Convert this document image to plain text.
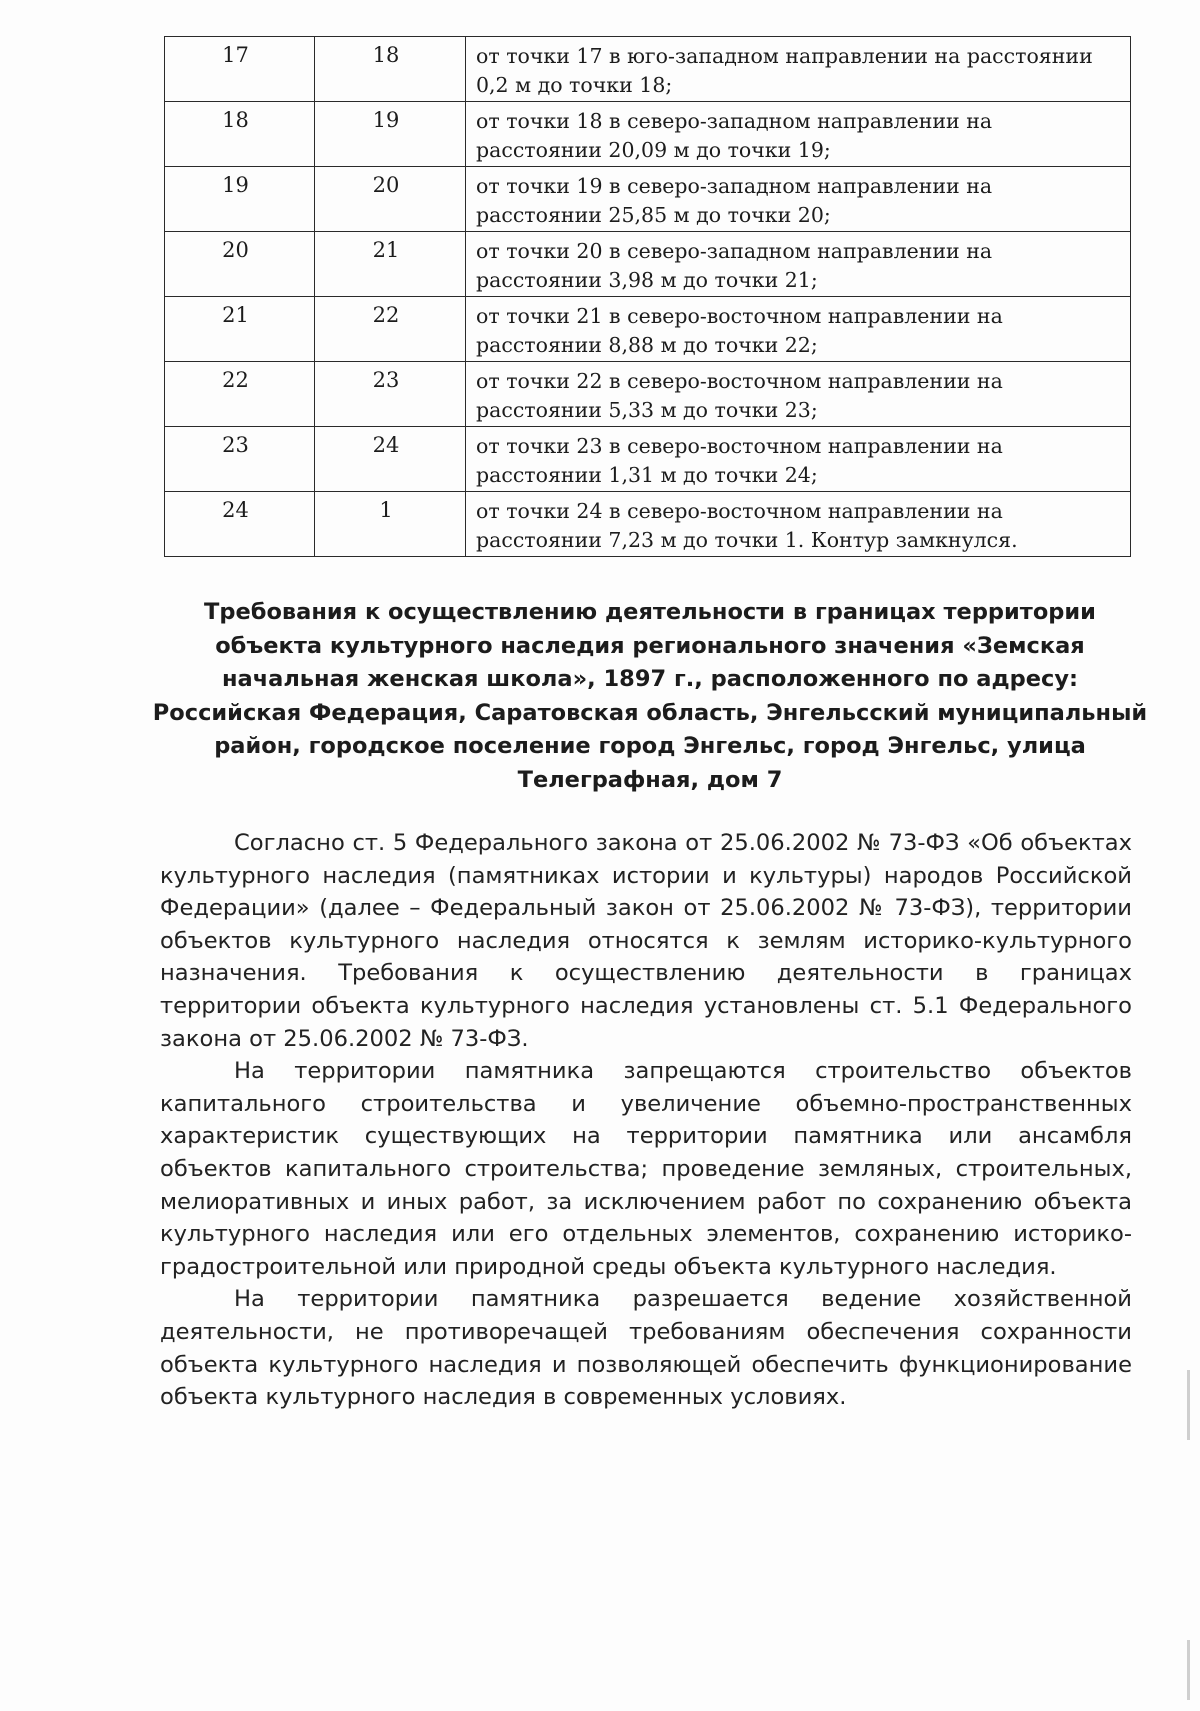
17	18	от точки 17 в юго-западном направлении на расстоянии 0,2 м до точки 18;

18	19	от точки 18 в северо-западном направлении на расстоянии 20,09 м до точки 19;

19	20	от точки 19 в северо-западном направлении на расстоянии 25,85 м до точки 20;

20	21	от точки 20 в северо-западном направлении на расстоянии 3,98 м до точки 21;

21	22	от точки 21 в северо-восточном направлении на расстоянии 8,88 м до точки 22;

22	23	от точки 22 в северо-восточном направлении на расстоянии 5,33 м до точки 23;

23	24	от точки 23 в северо-восточном направлении на расстоянии 1,31 м до точки 24;

24	1	от точки 24 в северо-восточном направлении на расстоянии 7,23 м до точки 1. Контур замкнулся.
Требования к осуществлению деятельности в границах территории объекта культурного наследия регионального значения «Земская начальная женская школа», 1897 г., расположенного по адресу: Российская Федерация, Саратовская область, Энгельсский муниципальный район, городское поселение город Энгельс, город Энгельс, улица Телеграфная, дом 7

Согласно ст. 5 Федерального закона от 25.06.2002 № 73-ФЗ «Об объектах культурного наследия (памятниках истории и культуры) народов Российской Федерации» (далее – Федеральный закон от 25.06.2002 № 73-ФЗ), территории объектов культурного наследия относятся к землям историко-культурного назначения. Требования к осуществлению деятельности в границах территории объекта культурного наследия установлены ст. 5.1 Федерального закона от 25.06.2002 № 73-ФЗ.

На территории памятника запрещаются строительство объектов капитального строительства и увеличение объемно-пространственных характеристик существующих на территории памятника или ансамбля объектов капитального строительства; проведение земляных, строительных, мелиоративных и иных работ, за исключением работ по сохранению объекта культурного наследия или его отдельных элементов, сохранению историко-градостроительной или природной среды объекта культурного наследия.

На территории памятника разрешается ведение хозяйственной деятельности, не противоречащей требованиям обеспечения сохранности объекта культурного наследия и позволяющей обеспечить функционирование объекта культурного наследия в современных условиях.
